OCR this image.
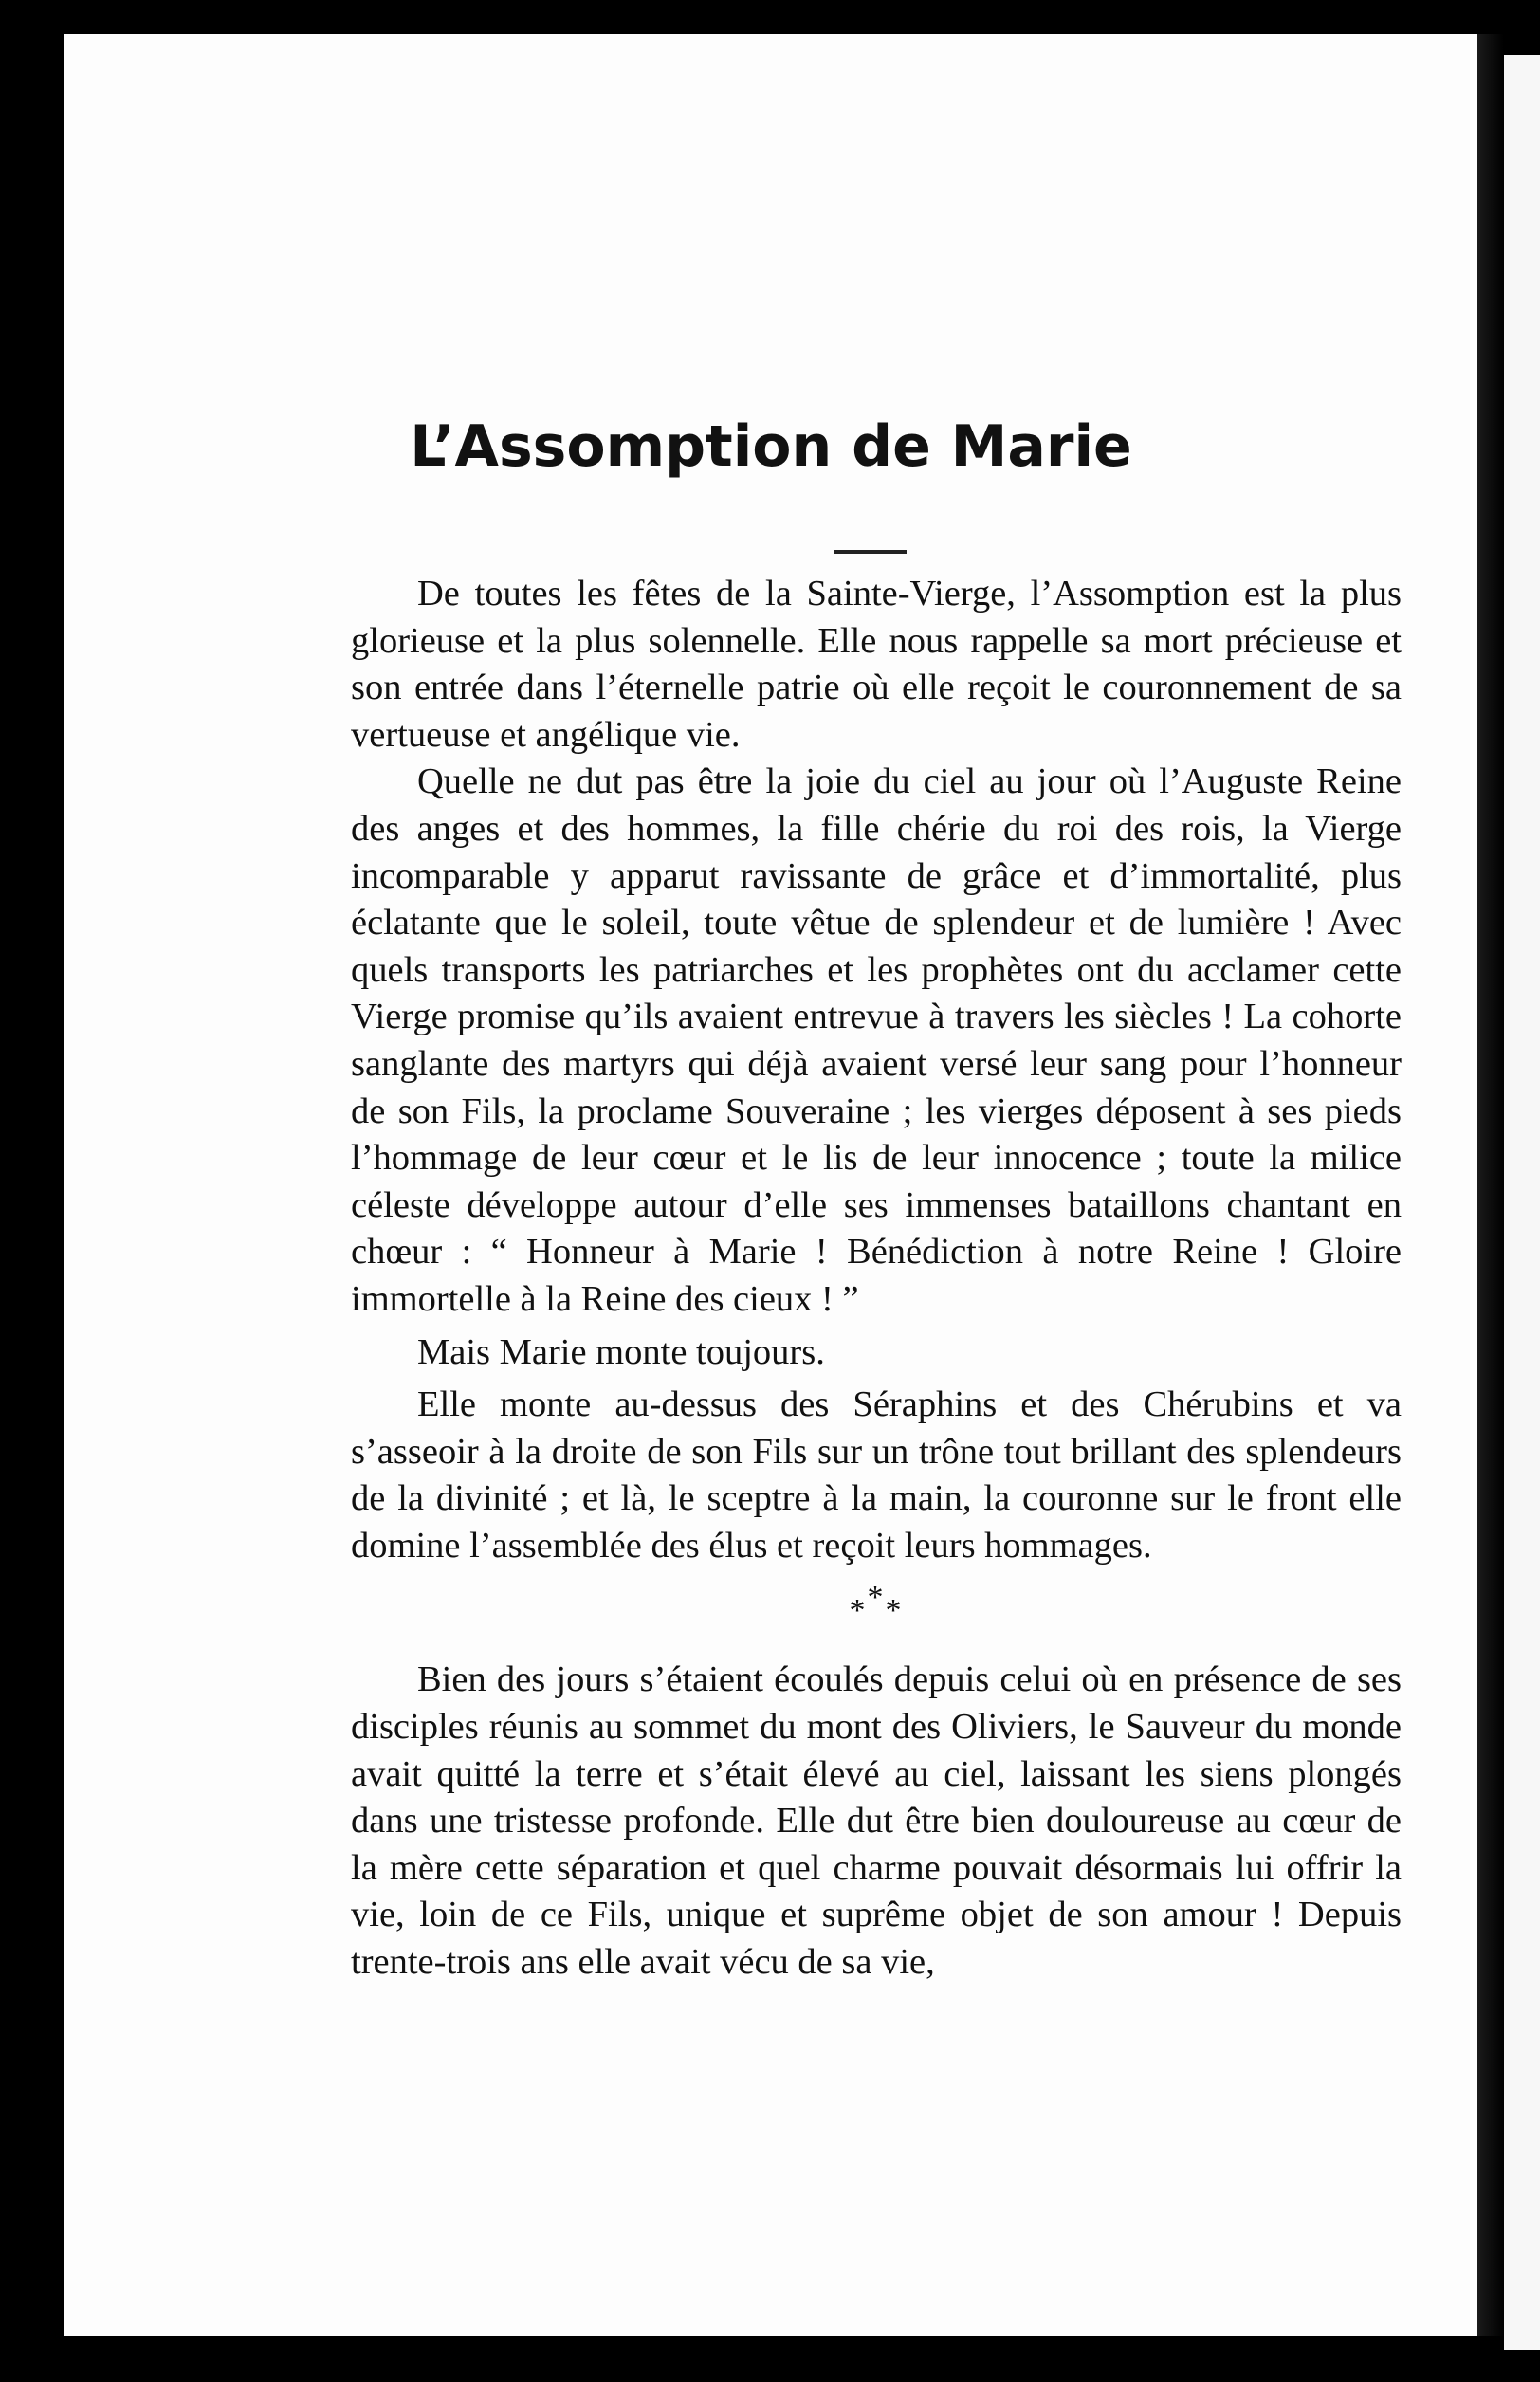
L’Assomption de Marie

De toutes les fêtes de la Sainte-Vierge, l’Assomption est la plus glorieuse et la plus solennelle. Elle nous rappelle sa mort précieuse et son entrée dans l’éternelle patrie où elle reçoit le couronnement de sa vertueuse et angélique vie.

Quelle ne dut pas être la joie du ciel au jour où l’Auguste Reine des anges et des hommes, la fille chérie du roi des rois, la Vierge incomparable y apparut ravissante de grâce et d’immortalité, plus éclatante que le soleil, toute vêtue de splendeur et de lumière ! Avec quels transports les patriarches et les prophètes ont du acclamer cette Vierge promise qu’ils avaient entrevue à travers les siècles ! La cohorte sanglante des martyrs qui déjà avaient versé leur sang pour l’honneur de son Fils, la proclame Souveraine ; les vierges déposent à ses pieds l’hommage de leur cœur et le lis de leur innocence ; toute la milice céleste développe autour d’elle ses immenses bataillons chantant en chœur : “ Honneur à Marie ! Bénédiction à notre Reine ! Gloire immortelle à la Reine des cieux ! ”

Mais Marie monte toujours.

Elle monte au-dessus des Séraphins et des Chérubins et va s’asseoir à la droite de son Fils sur un trône tout brillant des splendeurs de la divinité ; et là, le sceptre à la main, la couronne sur le front elle domine l’assemblée des élus et reçoit leurs hommages.

***

Bien des jours s’étaient écoulés depuis celui où en présence de ses disciples réunis au sommet du mont des Oliviers, le Sauveur du monde avait quitté la terre et s’était élevé au ciel, laissant les siens plongés dans une tristesse profonde. Elle dut être bien douloureuse au cœur de la mère cette séparation et quel charme pouvait désormais lui offrir la vie, loin de ce Fils, unique et suprême objet de son amour ! Depuis trente-trois ans elle avait vécu de sa vie,
